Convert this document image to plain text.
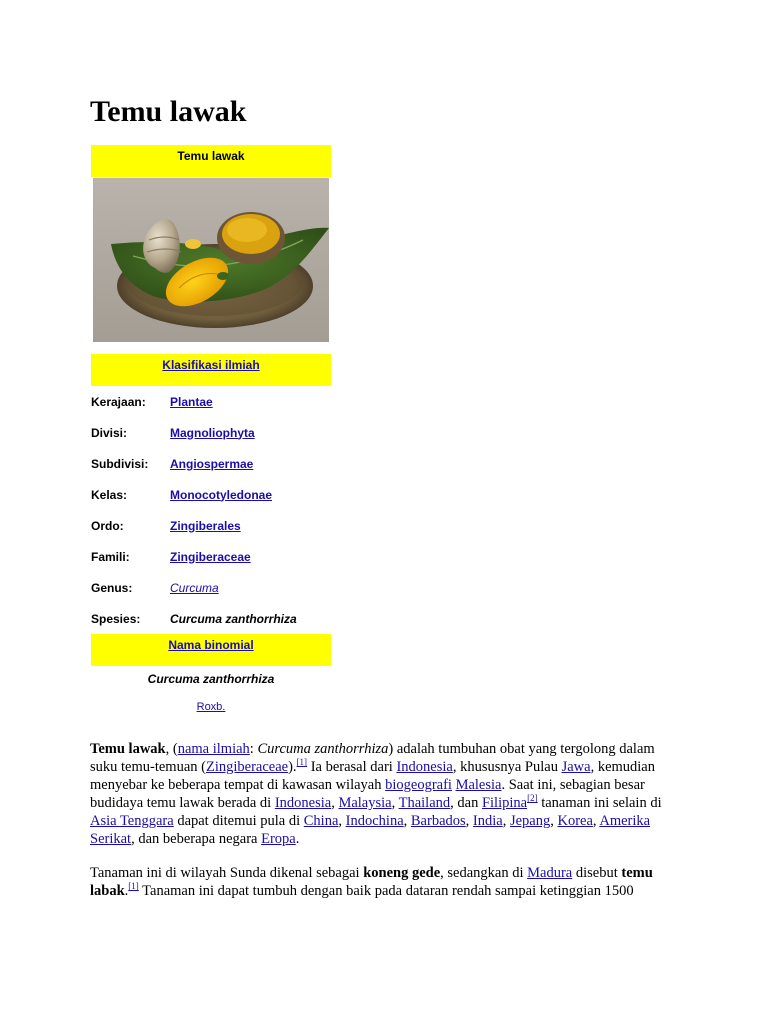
Temu lawak
Temu lawak
Klasifikasi ilmiah
Kerajaan:	Plantae
Divisi:	Magnoliophyta
Subdivisi:	Angiospermae
Kelas:	Monocotyledonae
Ordo:	Zingiberales
Famili:	Zingiberaceae
Genus:	Curcuma
Spesies:	Curcuma zanthorrhiza
Nama binomial
Curcuma zanthorrhiza
Roxb.

Temu lawak, (nama ilmiah: Curcuma zanthorrhiza) adalah tumbuhan obat yang tergolong dalam suku temu-temuan (Zingiberaceae).[1] Ia berasal dari Indonesia, khususnya Pulau Jawa, kemudian menyebar ke beberapa tempat di kawasan wilayah biogeografi Malesia. Saat ini, sebagian besar budidaya temu lawak berada di Indonesia, Malaysia, Thailand, dan Filipina[2] tanaman ini selain di Asia Tenggara dapat ditemui pula di China, Indochina, Barbados, India, Jepang, Korea, Amerika Serikat, dan beberapa negara Eropa.

Tanaman ini di wilayah Sunda dikenal sebagai koneng gede, sedangkan di Madura disebut temu labak.[1] Tanaman ini dapat tumbuh dengan baik pada dataran rendah sampai ketinggian 1500
